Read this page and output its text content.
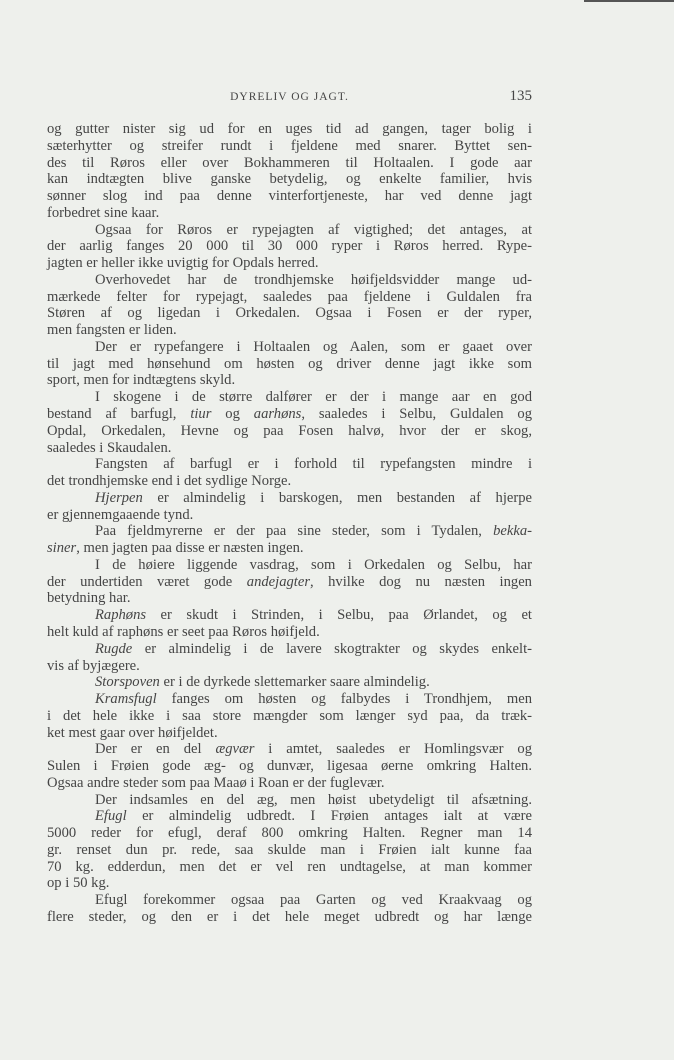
DYRELIV OG JAGT.	135
og gutter nister sig ud for en uges tid ad gangen, tager bolig i
sæterhytter og streifer rundt i fjeldene med snarer. Byttet sen-
des til Røros eller over Bokhammeren til Holtaalen. I gode aar
kan indtægten blive ganske betydelig, og enkelte familier, hvis
sønner slog ind paa denne vinterfortjeneste, har ved denne jagt
forbedret sine kaar.
Ogsaa for Røros er rypejagten af vigtighed; det antages, at
der aarlig fanges 20 000 til 30 000 ryper i Røros herred. Rype-
jagten er heller ikke uvigtig for Opdals herred.
Overhovedet har de trondhjemske høifjeldsvidder mange ud-
mærkede felter for rypejagt, saaledes paa fjeldene i Guldalen fra
Støren af og ligedan i Orkedalen. Ogsaa i Fosen er der ryper,
men fangsten er liden.
Der er rypefangere i Holtaalen og Aalen, som er gaaet over
til jagt med hønsehund om høsten og driver denne jagt ikke som
sport, men for indtægtens skyld.
I skogene i de større dalfører er der i mange aar en god
bestand af barfugl, tiur og aarhøns, saaledes i Selbu, Guldalen og
Opdal, Orkedalen, Hevne og paa Fosen halvø, hvor der er skog,
saaledes i Skaudalen.
Fangsten af barfugl er i forhold til rypefangsten mindre i
det trondhjemske end i det sydlige Norge.
Hjerpen er almindelig i barskogen, men bestanden af hjerpe
er gjennemgaaende tynd.
Paa fjeldmyrerne er der paa sine steder, som i Tydalen, bekka-
siner, men jagten paa disse er næsten ingen.
I de høiere liggende vasdrag, som i Orkedalen og Selbu, har
der undertiden været gode andejagter, hvilke dog nu næsten ingen
betydning har.
Raphøns er skudt i Strinden, i Selbu, paa Ørlandet, og et
helt kuld af raphøns er seet paa Røros høifjeld.
Rugde er almindelig i de lavere skogtrakter og skydes enkelt-
vis af byjægere.
Storspoven er i de dyrkede slettemarker saare almindelig.
Kramsfugl fanges om høsten og falbydes i Trondhjem, men
i det hele ikke i saa store mængder som længer syd paa, da træk-
ket mest gaar over høifjeldet.
Der er en del ægvær i amtet, saaledes er Homlingsvær og
Sulen i Frøien gode æg- og dunvær, ligesaa øerne omkring Halten.
Ogsaa andre steder som paa Maaø i Roan er der fuglevær.
Der indsamles en del æg, men høist ubetydeligt til afsætning.
Efugl er almindelig udbredt. I Frøien antages ialt at være
5000 reder for efugl, deraf 800 omkring Halten. Regner man 14
gr. renset dun pr. rede, saa skulde man i Frøien ialt kunne faa
70 kg. edderdun, men det er vel ren undtagelse, at man kommer
op i 50 kg.
Efugl forekommer ogsaa paa Garten og ved Kraakvaag og
flere steder, og den er i det hele meget udbredt og har længe
